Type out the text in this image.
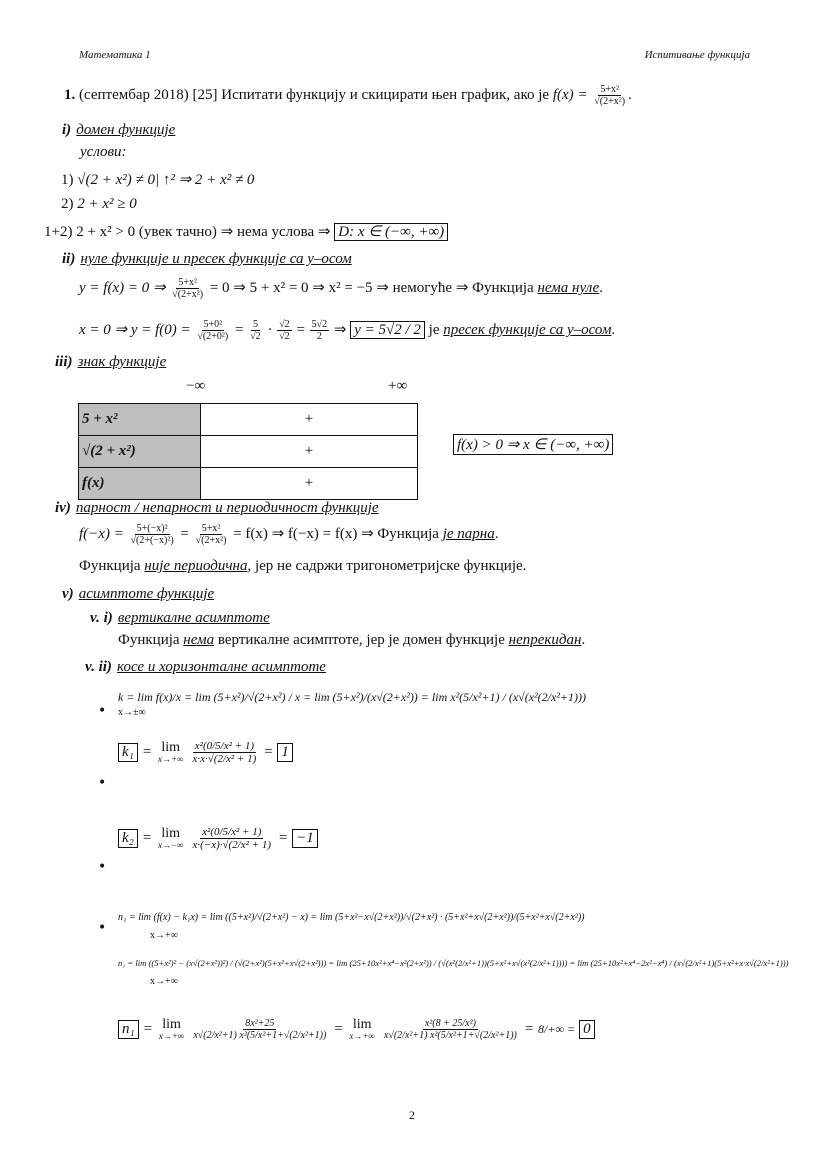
Математика 1	Испитивање функција
1. (септембар 2018) [25] Испитати функцију и скицирати њен график, ако је $f(x) = \frac{\text{5+x²}}{\text{√(2+x²)}}$ .
i) домен функције
услови:
1) √(2 + x²) ≠ 0| ↑² ⇒ 2 + x² ≠ 0
2) 2 + x² ≥ 0
1+2) 2 + x² > 0 (увек тачно) ⇒ нема услова ⇒ D: x ∈ (−∞, +∞)
ii) нуле функције и пресек функције са y–осом
y = f(x) = 0 ⇒ $\frac{\text{5+x²}}{\text{√(2+x²)}} = 0$ ⇒ 5 + x² = 0 ⇒ x² = −5 ⇒ немогуће ⇒ Функција нема нуле.
x = 0 ⇒ $y = f(0) = \frac{\text{5+0²}}{\text{√(2+0²)}} = \frac{5}{√2} \cdot \frac{√2}{√2} = \frac{5√2}{2}$ ⇒ y = 5√2 / 2 је пресек функције са y–осом.
iii) знак функције
−∞	+∞
5 + x²	+
√(2 + x²)	+
f(x)	+
f(x) > 0 ⇒ x ∈ (−∞, +∞)
iv) парност / непарност и периодичност функције
$f(-x) = \frac{\text{5+(−x)²}}{\text{√(2+(−x)²)}} = \frac{\text{5+x²}}{\text{√(2+x²)}} = f(x)$ ⇒ f(−x) = f(x) ⇒ Функција је парна.
Функција није периодична, јер не садржи тригонометријске функције.
v) асимптоте функције
v. i) вертикалне асимптоте
Функција нема вертикалне асимптоте, јер је домен функције непрекидан.
v. ii) косе и хоризонталне асимптоте
•
k = lim f(x)/x = lim (5+x²)/√(2+x²) / x = lim (5+x²)/(x√(2+x²)) = lim x²(5/x²+1) / (x√(x²(2/x²+1)))
x→±∞
•
k₁ = lim
$x\to+\infty \frac{\text{x²(0/5/x² + 1)}}{\text{x·x·√(2/x² + 1)}} = 1$
•
k₂ = lim
$x\to-\infty \frac{\text{x²(0/5/x² + 1)}}{\text{x·(−x)·√(2/x² + 1)}} = -1$
•
n₁ = lim (f(x) − k₁x) = lim ((5+x²)/√(2+x²) − x) = lim (5+x²−x√(2+x²))/√(2+x²) · (5+x²+x√(2+x²))/(5+x²+x√(2+x²))
x→+∞
n₁ = lim ((5+x²)² − (x√(2+x²))²) / (√(2+x²)(5+x²+x√(2+x²))) = lim (25+10x²+x⁴−x²(2+x²)) / (√(x²(2/x²+1))(5+x²+x√(x²(2/x²+1)))) = lim (25+10x²+x⁴−2x²−x⁴) / (x√(2/x²+1)(5+x²+x·x√(2/x²+1)))
x→+∞
n₁ = lim
$x\to+\infty \frac{\text{8x²+25}}{\text{x√(2/x²+1) x²(5/x²+1+√(2/x²+1))}} = \lim$
$x\to+\infty \frac{\text{x²(8 + 25/x²)}}{\text{x√(2/x²+1) x²(5/x²+1+√(2/x²+1))}} = 8/+\infty = 0$
2
